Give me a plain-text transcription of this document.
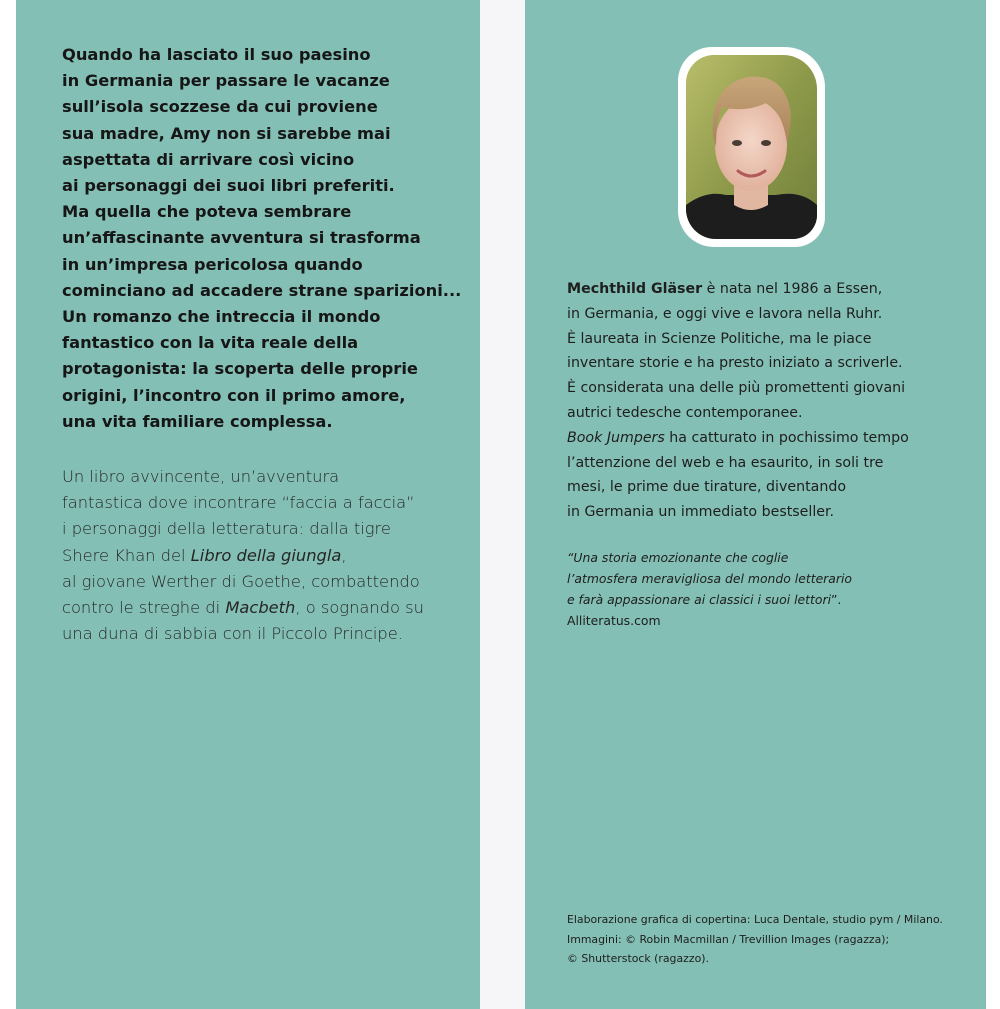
Quando ha lasciato il suo paesino

in Germania per passare le vacanze

sull’isola scozzese da cui proviene

sua madre, Amy non si sarebbe mai

aspettata di arrivare così vicino

ai personaggi dei suoi libri preferiti.

Ma quella che poteva sembrare

un’affascinante avventura si trasforma

in un’impresa pericolosa quando

cominciano ad accadere strane sparizioni...

Un romanzo che intreccia il mondo

fantastico con la vita reale della

protagonista: la scoperta delle proprie

origini, l’incontro con il primo amore,

una vita familiare complessa.

Un libro avvincente, un’avventura

fantastica dove incontrare “faccia a faccia”

i personaggi della letteratura: dalla tigre

Shere Khan del Libro della giungla,

al giovane Werther di Goethe, combattendo

contro le streghe di Macbeth, o sognando su

una duna di sabbia con il Piccolo Principe.

Mechthild Gläser è nata nel 1986 a Essen,

in Germania, e oggi vive e lavora nella Ruhr.

È laureata in Scienze Politiche, ma le piace

inventare storie e ha presto iniziato a scriverle.

È considerata una delle più promettenti giovani

autrici tedesche contemporanee.

Book Jumpers ha catturato in pochissimo tempo

l’attenzione del web e ha esaurito, in soli tre

mesi, le prime due tirature, diventando

in Germania un immediato bestseller.

“Una storia emozionante che coglie

l’atmosfera meravigliosa del mondo letterario

e farà appassionare ai classici i suoi lettori”.

Alliteratus.com

Elaborazione grafica di copertina: Luca Dentale, studio pym / Milano.

Immagini: © Robin Macmillan / Trevillion Images (ragazza);

© Shutterstock (ragazzo).
